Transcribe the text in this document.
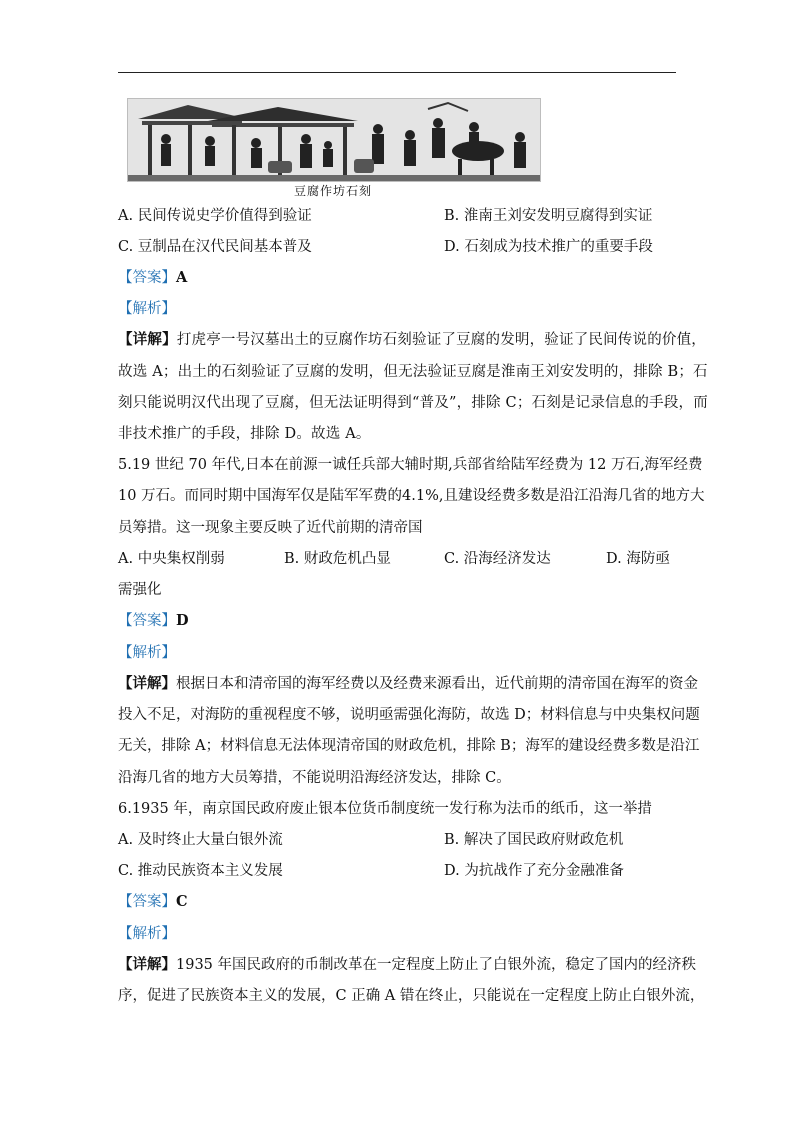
豆腐作坊石刻
A. 民间传说史学价值得到验证	B. 淮南王刘安发明豆腐得到实证
C. 豆制品在汉代民间基本普及	D. 石刻成为技术推广的重要手段
【答案】A
【解析】
【详解】打虎亭一号汉墓出土的豆腐作坊石刻验证了豆腐的发明，验证了民间传说的价值，
故选 A；出土的石刻验证了豆腐的发明，但无法验证豆腐是淮南王刘安发明的，排除 B；石
刻只能说明汉代出现了豆腐，但无法证明得到“普及”，排除 C；石刻是记录信息的手段，而
非技术推广的手段，排除 D。故选 A。
5.19 世纪 70 年代,日本在前源一诚任兵部大辅时期,兵部省给陆军经费为 12 万石,海军经费
10 万石。而同时期中国海军仅是陆军军费的4.1%,且建设经费多数是沿江沿海几省的地方大
员筹措。这一现象主要反映了近代前期的清帝国
A. 中央集权削弱	B. 财政危机凸显	C. 沿海经济发达	D. 海防亟
需强化
【答案】D
【解析】
【详解】根据日本和清帝国的海军经费以及经费来源看出，近代前期的清帝国在海军的资金
投入不足，对海防的重视程度不够，说明亟需强化海防，故选 D；材料信息与中央集权问题
无关，排除 A；材料信息无法体现清帝国的财政危机，排除 B；海军的建设经费多数是沿江
沿海几省的地方大员筹措，不能说明沿海经济发达，排除 C。
6.1935 年，南京国民政府废止银本位货币制度统一发行称为法币的纸币，这一举措
A. 及时终止大量白银外流	B. 解决了国民政府财政危机
C. 推动民族资本主义发展	D. 为抗战作了充分金融准备
【答案】C
【解析】
【详解】1935 年国民政府的币制改革在一定程度上防止了白银外流，稳定了国内的经济秩
序，促进了民族资本主义的发展，C 正确 A 错在终止，只能说在一定程度上防止白银外流，
